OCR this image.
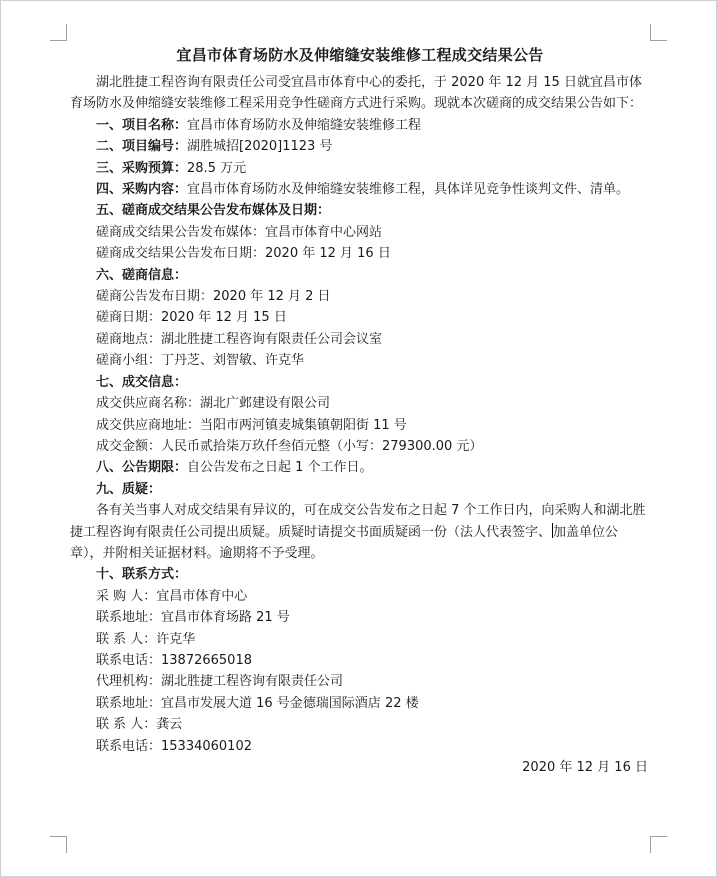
宜昌市体育场防水及伸缩缝安装维修工程成交结果公告

湖北胜捷工程咨询有限责任公司受宜昌市体育中心的委托，于 2020 年 12 月 15 日就宜昌市体育场防水及伸缩缝安装维修工程采用竞争性磋商方式进行采购。现就本次磋商的成交结果公告如下：

一、项目名称：宜昌市体育场防水及伸缩缝安装维修工程

二、项目编号：湖胜城招[2020]1123 号

三、采购预算：28.5 万元

四、采购内容：宜昌市体育场防水及伸缩缝安装维修工程，具体详见竞争性谈判文件、清单。

五、磋商成交结果公告发布媒体及日期：

磋商成交结果公告发布媒体：宜昌市体育中心网站

磋商成交结果公告发布日期：2020 年 12 月 16 日

六、磋商信息：

磋商公告发布日期：2020 年 12 月 2 日

磋商日期：2020 年 12 月 15 日

磋商地点：湖北胜捷工程咨询有限责任公司会议室

磋商小组：丁丹芝、刘智敏、许克华

七、成交信息：

成交供应商名称：湖北广邺建设有限公司

成交供应商地址：当阳市两河镇麦城集镇朝阳街 11 号

成交金额：人民币贰拾柒万玖仟叁佰元整（小写：279300.00 元）

八、公告期限：自公告发布之日起 1 个工作日。

九、质疑：

各有关当事人对成交结果有异议的，可在成交公告发布之日起 7 个工作日内，向采购人和湖北胜捷工程咨询有限责任公司提出质疑。质疑时请提交书面质疑函一份（法人代表签字、 加盖单位公章），并附相关证据材料。逾期将不予受理。

十、联系方式：

采 购 人：宜昌市体育中心

联系地址：宜昌市体育场路 21 号

联 系 人：许克华

联系电话：13872665018

代理机构：湖北胜捷工程咨询有限责任公司

联系地址：宜昌市发展大道 16 号金德瑞国际酒店 22 楼

联 系 人：龚云

联系电话：15334060102

2020 年 12 月 16 日
